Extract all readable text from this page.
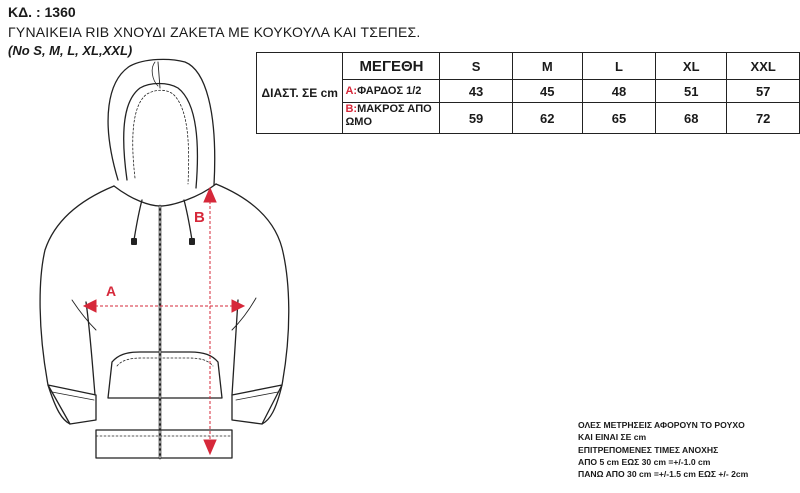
ΚΔ. : 1360
ΓΥΝΑΙΚΕΙΑ RIB ΧΝΟΥΔΙ ΖΑΚΕΤΑ ΜΕ ΚΟΥΚΟΥΛΑ ΚΑΙ ΤΣΕΠΕΣ.
(No S, M, L, XL,XXL)
A
B
ΔΙΑΣΤ. ΣΕ cm	ΜΕΓΕΘΗ	S	M	L	XL	XXL
	A:ΦΑΡΔΟΣ 1/2	43	45	48	51	57
	B:ΜΑΚΡΟΣ ΑΠΟ ΩΜΟ	59	62	65	68	72
ΟΛΕΣ ΜΕΤΡΗΣΕΙΣ ΑΦΟΡΟΥΝ ΤΟ ΡΟΥΧΟ
ΚΑΙ ΕΙΝΑΙ ΣΕ cm
ΕΠΙΤΡΕΠΟΜΕΝΕΣ ΤΙΜΕΣ ΑΝΟΧΗΣ
ΑΠΟ 5 cm ΕΩΣ 30 cm =+/-1.0 cm
ΠΑΝΩ ΑΠΟ 30 cm =+/-1.5 cm ΕΩΣ +/- 2cm
